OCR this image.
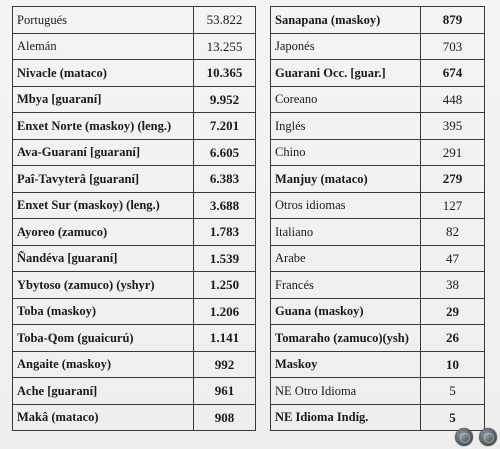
Portugués	53.822
Alemán	13.255
Nivacle (mataco)	10.365
Mbya [guaraní]	9.952
Enxet Norte (maskoy) (leng.)	7.201
Ava-Guaraní [guaraní]	6.605
Paî-Tavyterâ [guaraní]	6.383
Enxet Sur (maskoy) (leng.)	3.688
Ayoreo (zamuco)	1.783
Ñandéva [guaraní]	1.539
Ybytoso (zamuco) (yshyr)	1.250
Toba (maskoy)	1.206
Toba-Qom (guaicurú)	1.141
Angaite (maskoy)	992
Ache [guaraní]	961
Makâ (mataco)	908
Sanapana (maskoy)	879
Japonés	703
Guarani Occ. [guar.]	674
Coreano	448
Inglés	395
Chino	291
Manjuy (mataco)	279
Otros idiomas	127
Italiano	82
Arabe	47
Francés	38
Guana (maskoy)	29
Tomaraho (zamuco)(ysh)	26
Maskoy	10
NE Otro Idioma	5
NE Idioma Indíg.	5
